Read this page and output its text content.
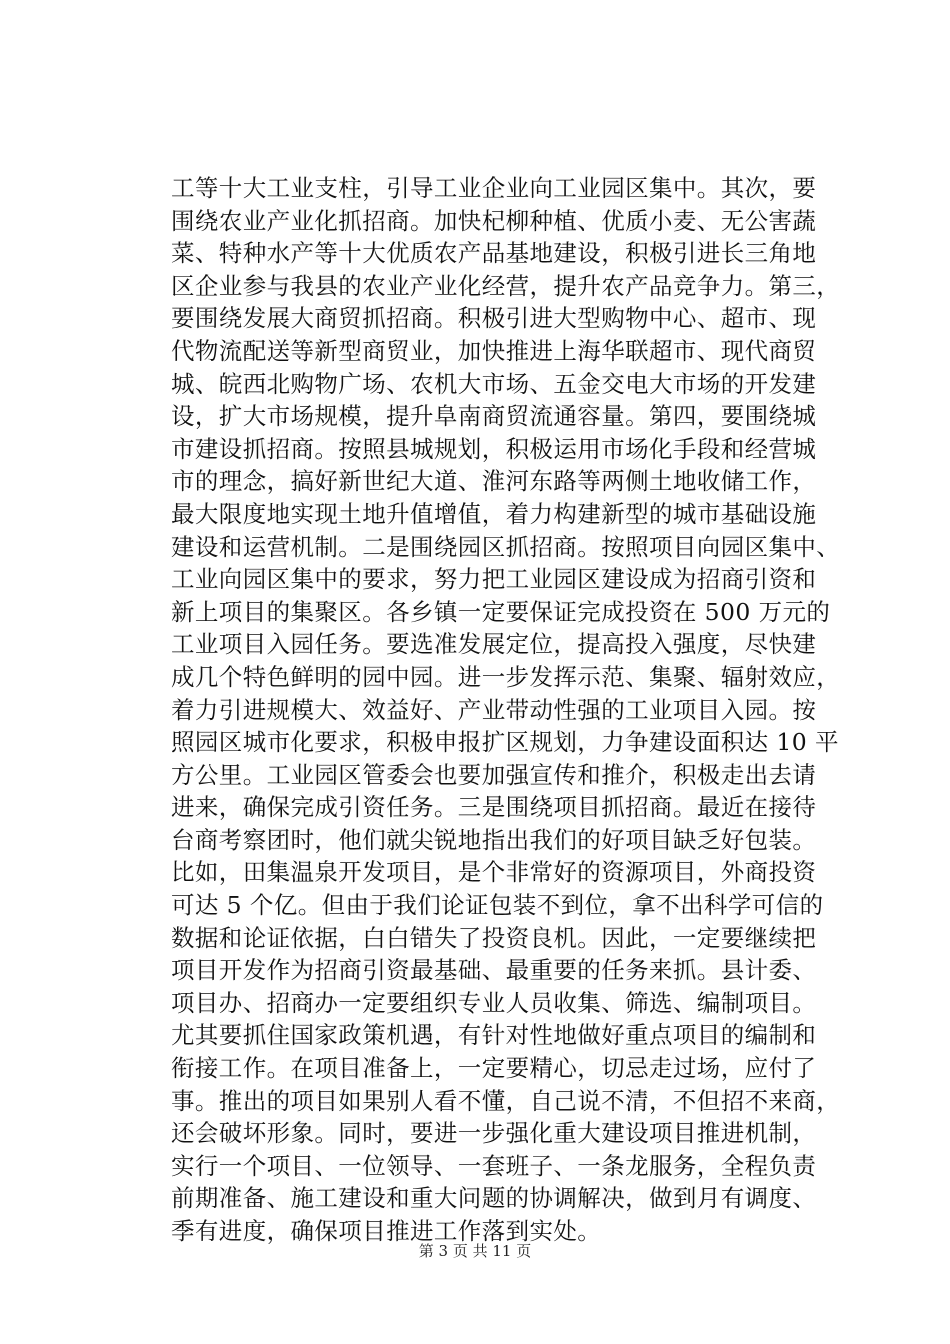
工等十大工业支柱，引导工业企业向工业园区集中。其次，要
围绕农业产业化抓招商。加快杞柳种植、优质小麦、无公害蔬
菜、特种水产等十大优质农产品基地建设，积极引进长三角地
区企业参与我县的农业产业化经营，提升农产品竞争力。第三，
要围绕发展大商贸抓招商。积极引进大型购物中心、超市、现
代物流配送等新型商贸业，加快推进上海华联超市、现代商贸
城、皖西北购物广场、农机大市场、五金交电大市场的开发建
设，扩大市场规模，提升阜南商贸流通容量。第四，要围绕城
市建设抓招商。按照县城规划，积极运用市场化手段和经营城
市的理念，搞好新世纪大道、淮河东路等两侧土地收储工作，
最大限度地实现土地升值增值，着力构建新型的城市基础设施
建设和运营机制。二是围绕园区抓招商。按照项目向园区集中、
工业向园区集中的要求，努力把工业园区建设成为招商引资和
新上项目的集聚区。各乡镇一定要保证完成投资在 500 万元的
工业项目入园任务。要选准发展定位，提高投入强度，尽快建
成几个特色鲜明的园中园。进一步发挥示范、集聚、辐射效应，
着力引进规模大、效益好、产业带动性强的工业项目入园。按
照园区城市化要求，积极申报扩区规划，力争建设面积达 10 平
方公里。工业园区管委会也要加强宣传和推介，积极走出去请
进来，确保完成引资任务。三是围绕项目抓招商。最近在接待
台商考察团时，他们就尖锐地指出我们的好项目缺乏好包装。
比如，田集温泉开发项目，是个非常好的资源项目，外商投资
可达 5 个亿。但由于我们论证包装不到位，拿不出科学可信的
数据和论证依据，白白错失了投资良机。因此，一定要继续把
项目开发作为招商引资最基础、最重要的任务来抓。县计委、
项目办、招商办一定要组织专业人员收集、筛选、编制项目。
尤其要抓住国家政策机遇，有针对性地做好重点项目的编制和
衔接工作。在项目准备上，一定要精心，切忌走过场，应付了
事。推出的项目如果别人看不懂，自己说不清，不但招不来商，
还会破坏形象。同时，要进一步强化重大建设项目推进机制，
实行一个项目、一位领导、一套班子、一条龙服务，全程负责
前期准备、施工建设和重大问题的协调解决，做到月有调度、
季有进度，确保项目推进工作落到实处。
第 3 页 共 11 页
